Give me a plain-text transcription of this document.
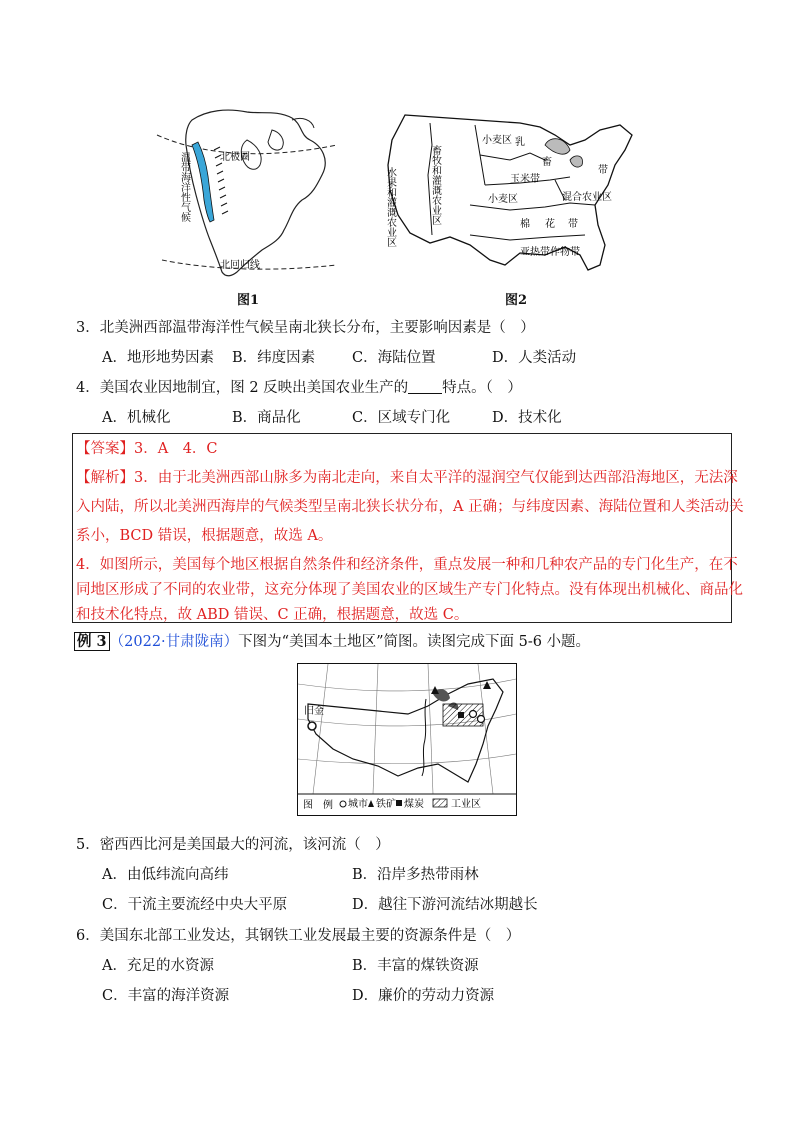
北极圈
北回归线
温带海洋性气候
图1
畜牧和灌溉农业区
水果和灌溉农业区
小麦区 乳
畜
带
玉米带
小麦区	混合农业区
棉 花 带
亚热带作物带
图2
3．北美洲西部温带海洋性气候呈南北狭长分布，主要影响因素是（　）
A．地形地势因素 B．纬度因素	C．海陆位置	D．人类活动
4．美国农业因地制宜，图 2 反映出美国农业生产的 特点。（　）
A．机械化	B．商品化	C．区域专门化	D．技术化
【答案】3．A　4．C
【解析】3．由于北美洲西部山脉多为南北走向，来自太平洋的湿润空气仅能到达西部沿海地区，无法深
入内陆，所以北美洲西海岸的气候类型呈南北狭长状分布，A 正确；与纬度因素、海陆位置和人类活动关
系小，BCD 错误，根据题意，故选 A。
4．如图所示，美国每个地区根据自然条件和经济条件，重点发展一种和几种农产品的专门化生产，在不
同地区形成了不同的农业带，这充分体现了美国农业的区域生产专门化特点。没有体现出机械化、商品化
和技术化特点，故 ABD 错误、C 正确，根据题意，故选 C。
例 3 （2022·甘肃陇南）下图为“美国本土地区”简图。读图完成下面 5-6 小题。
旧金
图　例 城市 铁矿 煤炭	工业区
5．密西西比河是美国最大的河流，该河流（　）
A．由低纬流向高纬	B．沿岸多热带雨林
C．干流主要流经中央大平原	D．越往下游河流结冰期越长
6．美国东北部工业发达，其钢铁工业发展最主要的资源条件是（　）
A．充足的水资源	B．丰富的煤铁资源
C．丰富的海洋资源	D．廉价的劳动力资源
